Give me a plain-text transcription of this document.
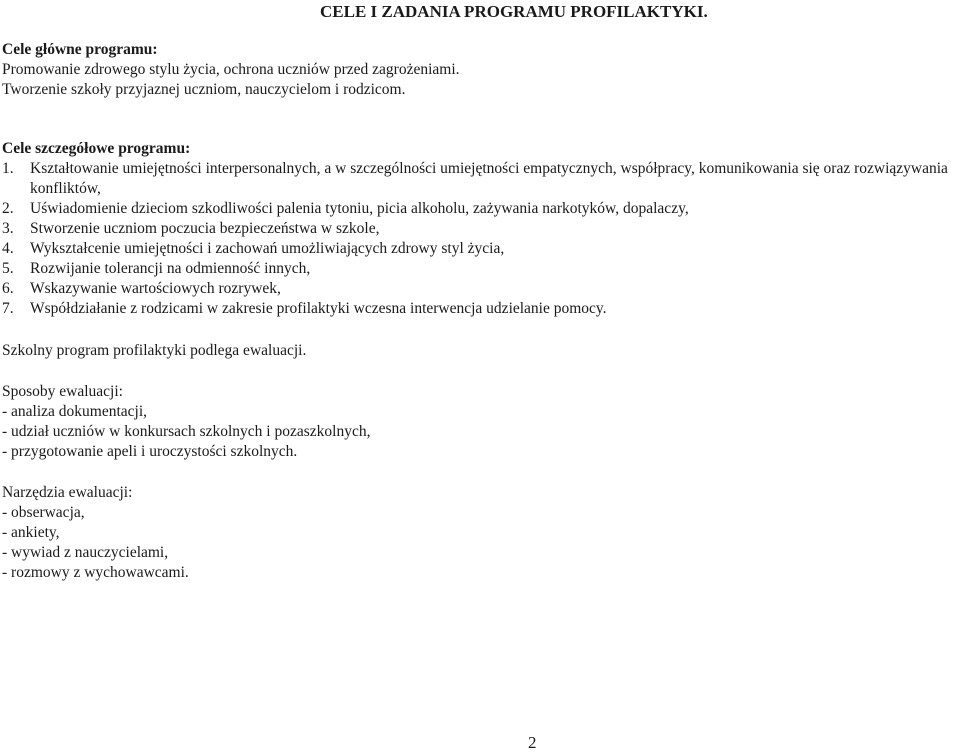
CELE I ZADANIA PROGRAMU PROFILAKTYKI.
Cele główne programu:
Promowanie zdrowego stylu życia, ochrona uczniów przed zagrożeniami.
Tworzenie szkoły przyjaznej uczniom, nauczycielom i rodzicom.
Cele szczegółowe programu:
1.	Kształtowanie umiejętności interpersonalnych, a w szczególności umiejętności empatycznych, współpracy, komunikowania się oraz rozwiązywania konfliktów,
2.	Uświadomienie dzieciom szkodliwości palenia tytoniu, picia alkoholu, zażywania narkotyków, dopalaczy,
3.	Stworzenie uczniom poczucia bezpieczeństwa w szkole,
4.	Wykształcenie umiejętności i zachowań umożliwiających zdrowy styl życia,
5.	Rozwijanie tolerancji na odmienność innych,
6.	Wskazywanie wartościowych rozrywek,
7.	Współdziałanie z rodzicami w zakresie profilaktyki wczesna interwencja udzielanie pomocy.
Szkolny program profilaktyki podlega ewaluacji.
Sposoby ewaluacji:
- analiza dokumentacji,
- udział uczniów w konkursach szkolnych i pozaszkolnych,
- przygotowanie apeli i uroczystości szkolnych.
Narzędzia ewaluacji:
- obserwacja,
- ankiety,
- wywiad z nauczycielami,
- rozmowy z wychowawcami.
2
